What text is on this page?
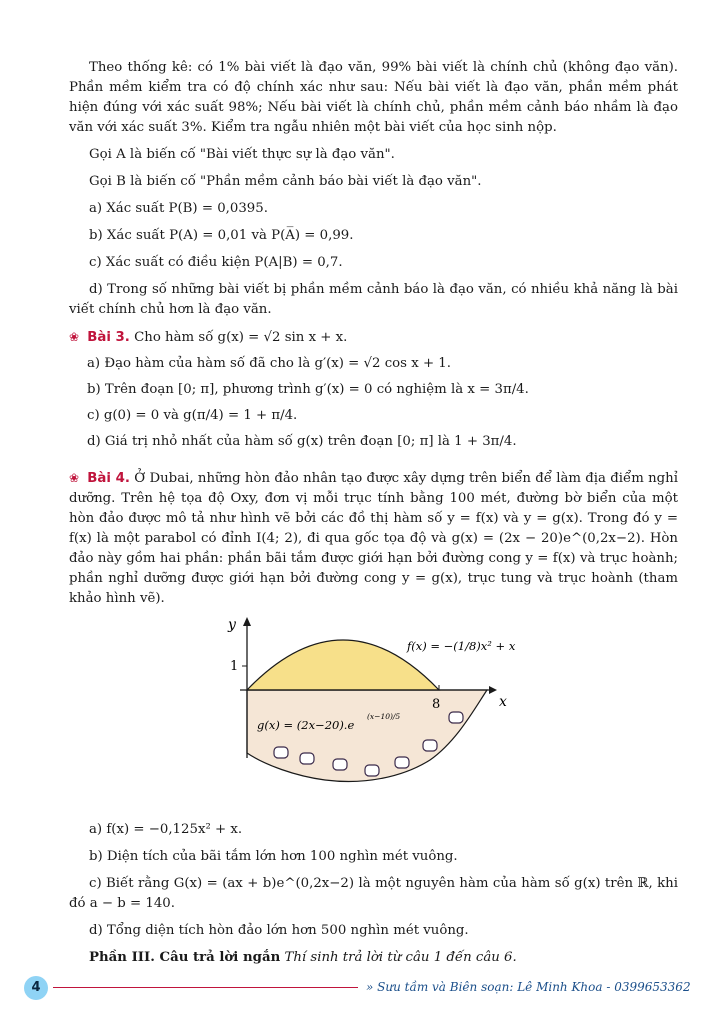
Theo thống kê: có 1% bài viết là đạo văn, 99% bài viết là chính chủ (không đạo văn). Phần mềm kiểm tra có độ chính xác như sau: Nếu bài viết là đạo văn, phần mềm phát hiện đúng với xác suất 98%; Nếu bài viết là chính chủ, phần mềm cảnh báo nhầm là đạo văn với xác suất 3%. Kiểm tra ngẫu nhiên một bài viết của học sinh nộp.

Gọi A là biến cố "Bài viết thực sự là đạo văn".

Gọi B là biến cố "Phần mềm cảnh báo bài viết là đạo văn".

a) Xác suất P(B) = 0,0395.

b) Xác suất P(A) = 0,01 và P(A̅) = 0,99.

c) Xác suất có điều kiện P(A|B) = 0,7.

d) Trong số những bài viết bị phần mềm cảnh báo là đạo văn, có nhiều khả năng là bài viết chính chủ hơn là đạo văn.

❀ Bài 3. Cho hàm số g(x) = √2 sin x + x.

a) Đạo hàm của hàm số đã cho là g′(x) = √2 cos x + 1.

b) Trên đoạn [0; π], phương trình g′(x) = 0 có nghiệm là x = 3π/4.

c) g(0) = 0 và g(π/4) = 1 + π/4.

d) Giá trị nhỏ nhất của hàm số g(x) trên đoạn [0; π] là 1 + 3π/4.

❀ Bài 4. Ở Dubai, những hòn đảo nhân tạo được xây dựng trên biển để làm địa điểm nghỉ dưỡng. Trên hệ tọa độ Oxy, đơn vị mỗi trục tính bằng 100 mét, đường bờ biển của một hòn đảo được mô tả như hình vẽ bởi các đồ thị hàm số y = f(x) và y = g(x). Trong đó y = f(x) là một parabol có đỉnh I(4; 2), đi qua gốc tọa độ và g(x) = (2x − 20)e^(0,2x−2). Hòn đảo này gồm hai phần: phần bãi tắm được giới hạn bởi đường cong y = f(x) và trục hoành; phần nghỉ dưỡng được giới hạn bởi đường cong y = g(x), trục tung và trục hoành (tham khảo hình vẽ).

y
x
1
8
f(x) = −(1/8)x² + x
g(x) = (2x−20).e
(x−10)/5

a) f(x) = −0,125x² + x.

b) Diện tích của bãi tắm lớn hơn 100 nghìn mét vuông.

c) Biết rằng G(x) = (ax + b)e^(0,2x−2) là một nguyên hàm của hàm số g(x) trên ℝ, khi đó a − b = 140.

d) Tổng diện tích hòn đảo lớn hơn 500 nghìn mét vuông.

Phần III. Câu trả lời ngắn Thí sinh trả lời từ câu 1 đến câu 6.

4	» Sưu tầm và Biên soạn: Lê Minh Khoa - 0399653362
